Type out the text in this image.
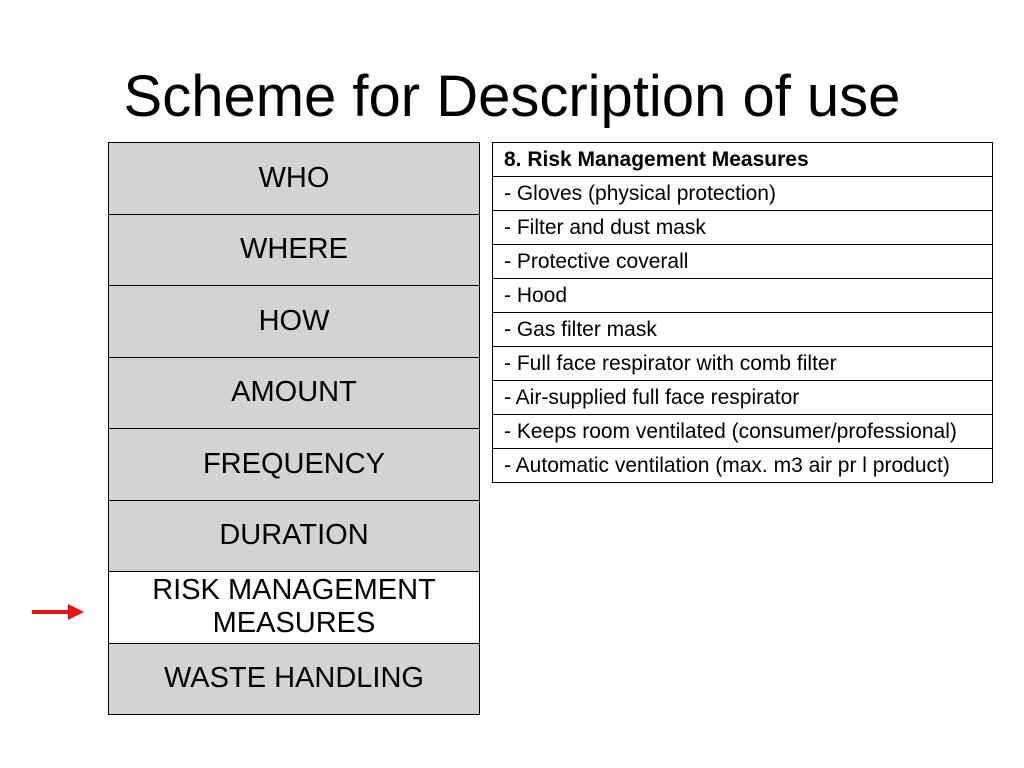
Scheme for Description of use
WHO
WHERE
HOW
AMOUNT
FREQUENCY
DURATION
RISK MANAGEMENT MEASURES
WASTE HANDLING
8. Risk Management Measures
- Gloves (physical protection)
- Filter and dust mask
- Protective coverall
- Hood
- Gas filter mask
- Full face respirator with comb filter
- Air-supplied full face respirator
- Keeps room ventilated (consumer/professional)
- Automatic ventilation (max. m3 air pr l product)
